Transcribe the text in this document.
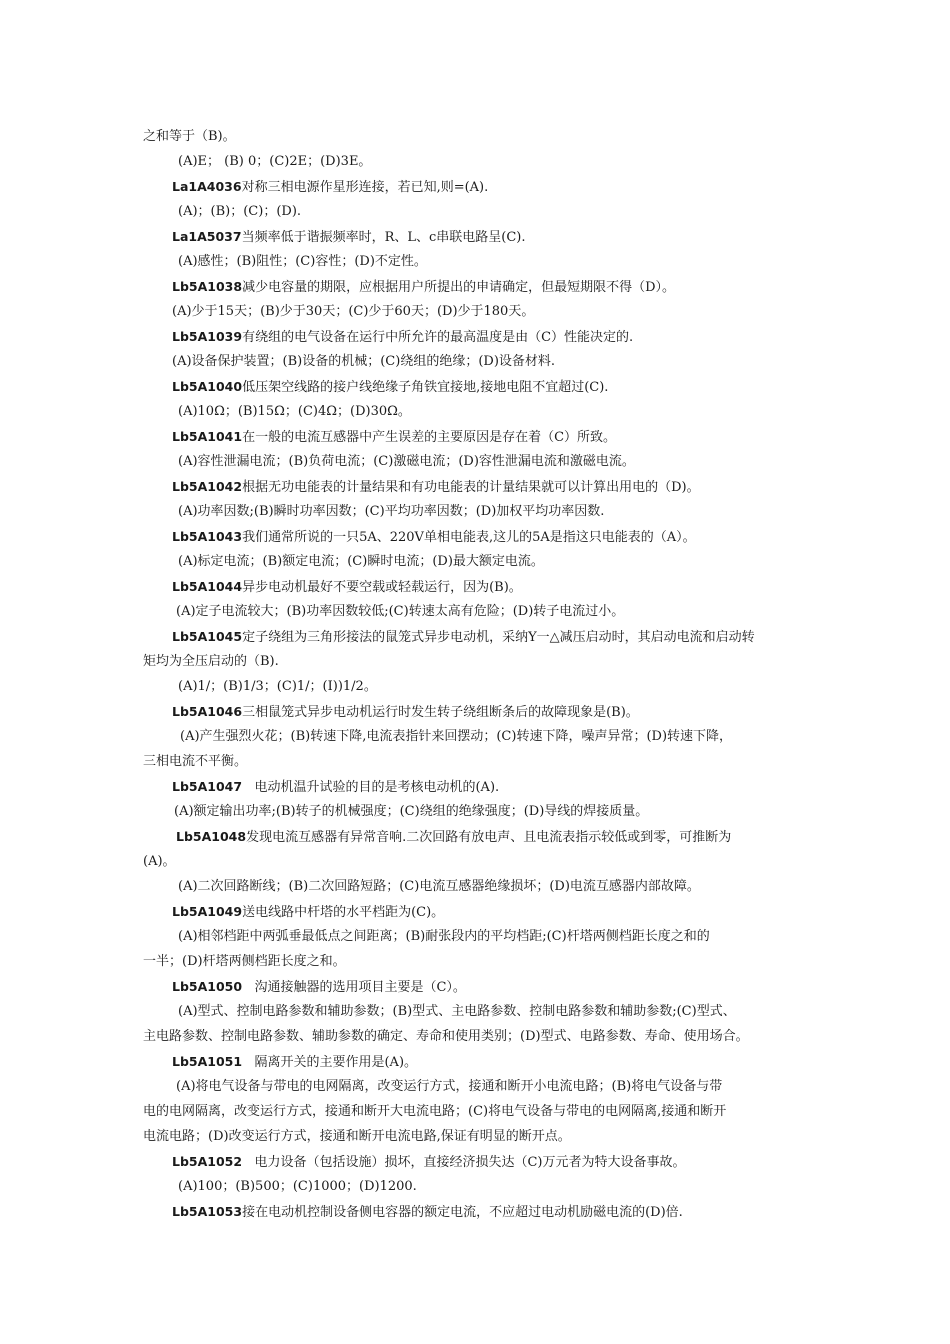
之和等于（B)。
(A)E； (B) 0；(C)2E；(D)3E。
La1A4036对称三相电源作星形连接，若已知,则=(A).
(A)；(B)；(C)；(D).
La1A5037当频率低于谐振频率时，R、L、c串联电路呈(C).
(A)感性；(B)阻性；(C)容性；(D)不定性。
Lb5A1038减少电容量的期限，应根据用户所提出的申请确定，但最短期限不得（D）。
(A)少于15天；(B)少于30天；(C)少于60天；(D)少于180天。
Lb5A1039有绕组的电气设备在运行中所允许的最高温度是由（C）性能决定的.
(A)设备保护装置；(B)设备的机械；(C)绕组的绝缘；(D)设备材料.
Lb5A1040低压架空线路的接户线绝缘子角铁宜接地,接地电阻不宜超过(C).
(A)10Ω；(B)15Ω；(C)4Ω；(D)30Ω。
Lb5A1041在一般的电流互感器中产生误差的主要原因是存在着（C）所致。
(A)容性泄漏电流；(B)负荷电流；(C)激磁电流；(D)容性泄漏电流和激磁电流。
Lb5A1042根据无功电能表的计量结果和有功电能表的计量结果就可以计算出用电的（D)。
(A)功率因数;(B)瞬时功率因数；(C)平均功率因数；(D)加权平均功率因数.
Lb5A1043我们通常所说的一只5A、220V单相电能表,这儿的5A是指这只电能表的（A）。
(A)标定电流；(B)额定电流；(C)瞬时电流；(D)最大额定电流。
Lb5A1044异步电动机最好不要空载或轻载运行，因为(B)。
(A)定子电流较大；(B)功率因数较低;(C)转速太高有危险；(D)转子电流过小。
Lb5A1045定子绕组为三角形接法的鼠笼式异步电动机，采纳Y一△减压启动时，其启动电流和启动转
矩均为全压启动的（B).
(A)1/；(B)1/3；(C)1/；(I))1/2。
Lb5A1046三相鼠笼式异步电动机运行时发生转子绕组断条后的故障现象是(B)。
(A)产生强烈火花；(B)转速下降,电流表指针来回摆动；(C)转速下降，噪声异常；(D)转速下降，
三相电流不平衡。
Lb5A1047 电动机温升试验的目的是考核电动机的(A).
(A)额定输出功率;(B)转子的机械强度；(C)绕组的绝缘强度；(D)导线的焊接质量。
Lb5A1048发现电流互感器有异常音响.二次回路有放电声、且电流表指示较低或到零，可推断为
(A)。
(A)二次回路断线；(B)二次回路短路；(C)电流互感器绝缘损坏；(D)电流互感器内部故障。
Lb5A1049送电线路中杆塔的水平档距为(C)。
(A)相邻档距中两弧垂最低点之间距离；(B)耐张段内的平均档距;(C)杆塔两侧档距长度之和的
一半；(D)杆塔两侧档距长度之和。
Lb5A1050 沟通接触器的选用项目主要是（C）。
(A)型式、控制电路参数和辅助参数；(B)型式、主电路参数、控制电路参数和辅助参数;(C)型式、
主电路参数、控制电路参数、辅助参数的确定、寿命和使用类别；(D)型式、电路参数、寿命、使用场合。
Lb5A1051 隔离开关的主要作用是(A)。
(A)将电气设备与带电的电网隔离，改变运行方式，接通和断开小电流电路；(B)将电气设备与带
电的电网隔离，改变运行方式，接通和断开大电流电路；(C)将电气设备与带电的电网隔离,接通和断开
电流电路；(D)改变运行方式，接通和断开电流电路,保证有明显的断开点。
Lb5A1052 电力设备（包括设施）损坏，直接经济损失达（C)万元者为特大设备事故。
(A)100；(B)500；(C)1000；(D)1200.
Lb5A1053接在电动机控制设备侧电容器的额定电流，不应超过电动机励磁电流的(D)倍.
